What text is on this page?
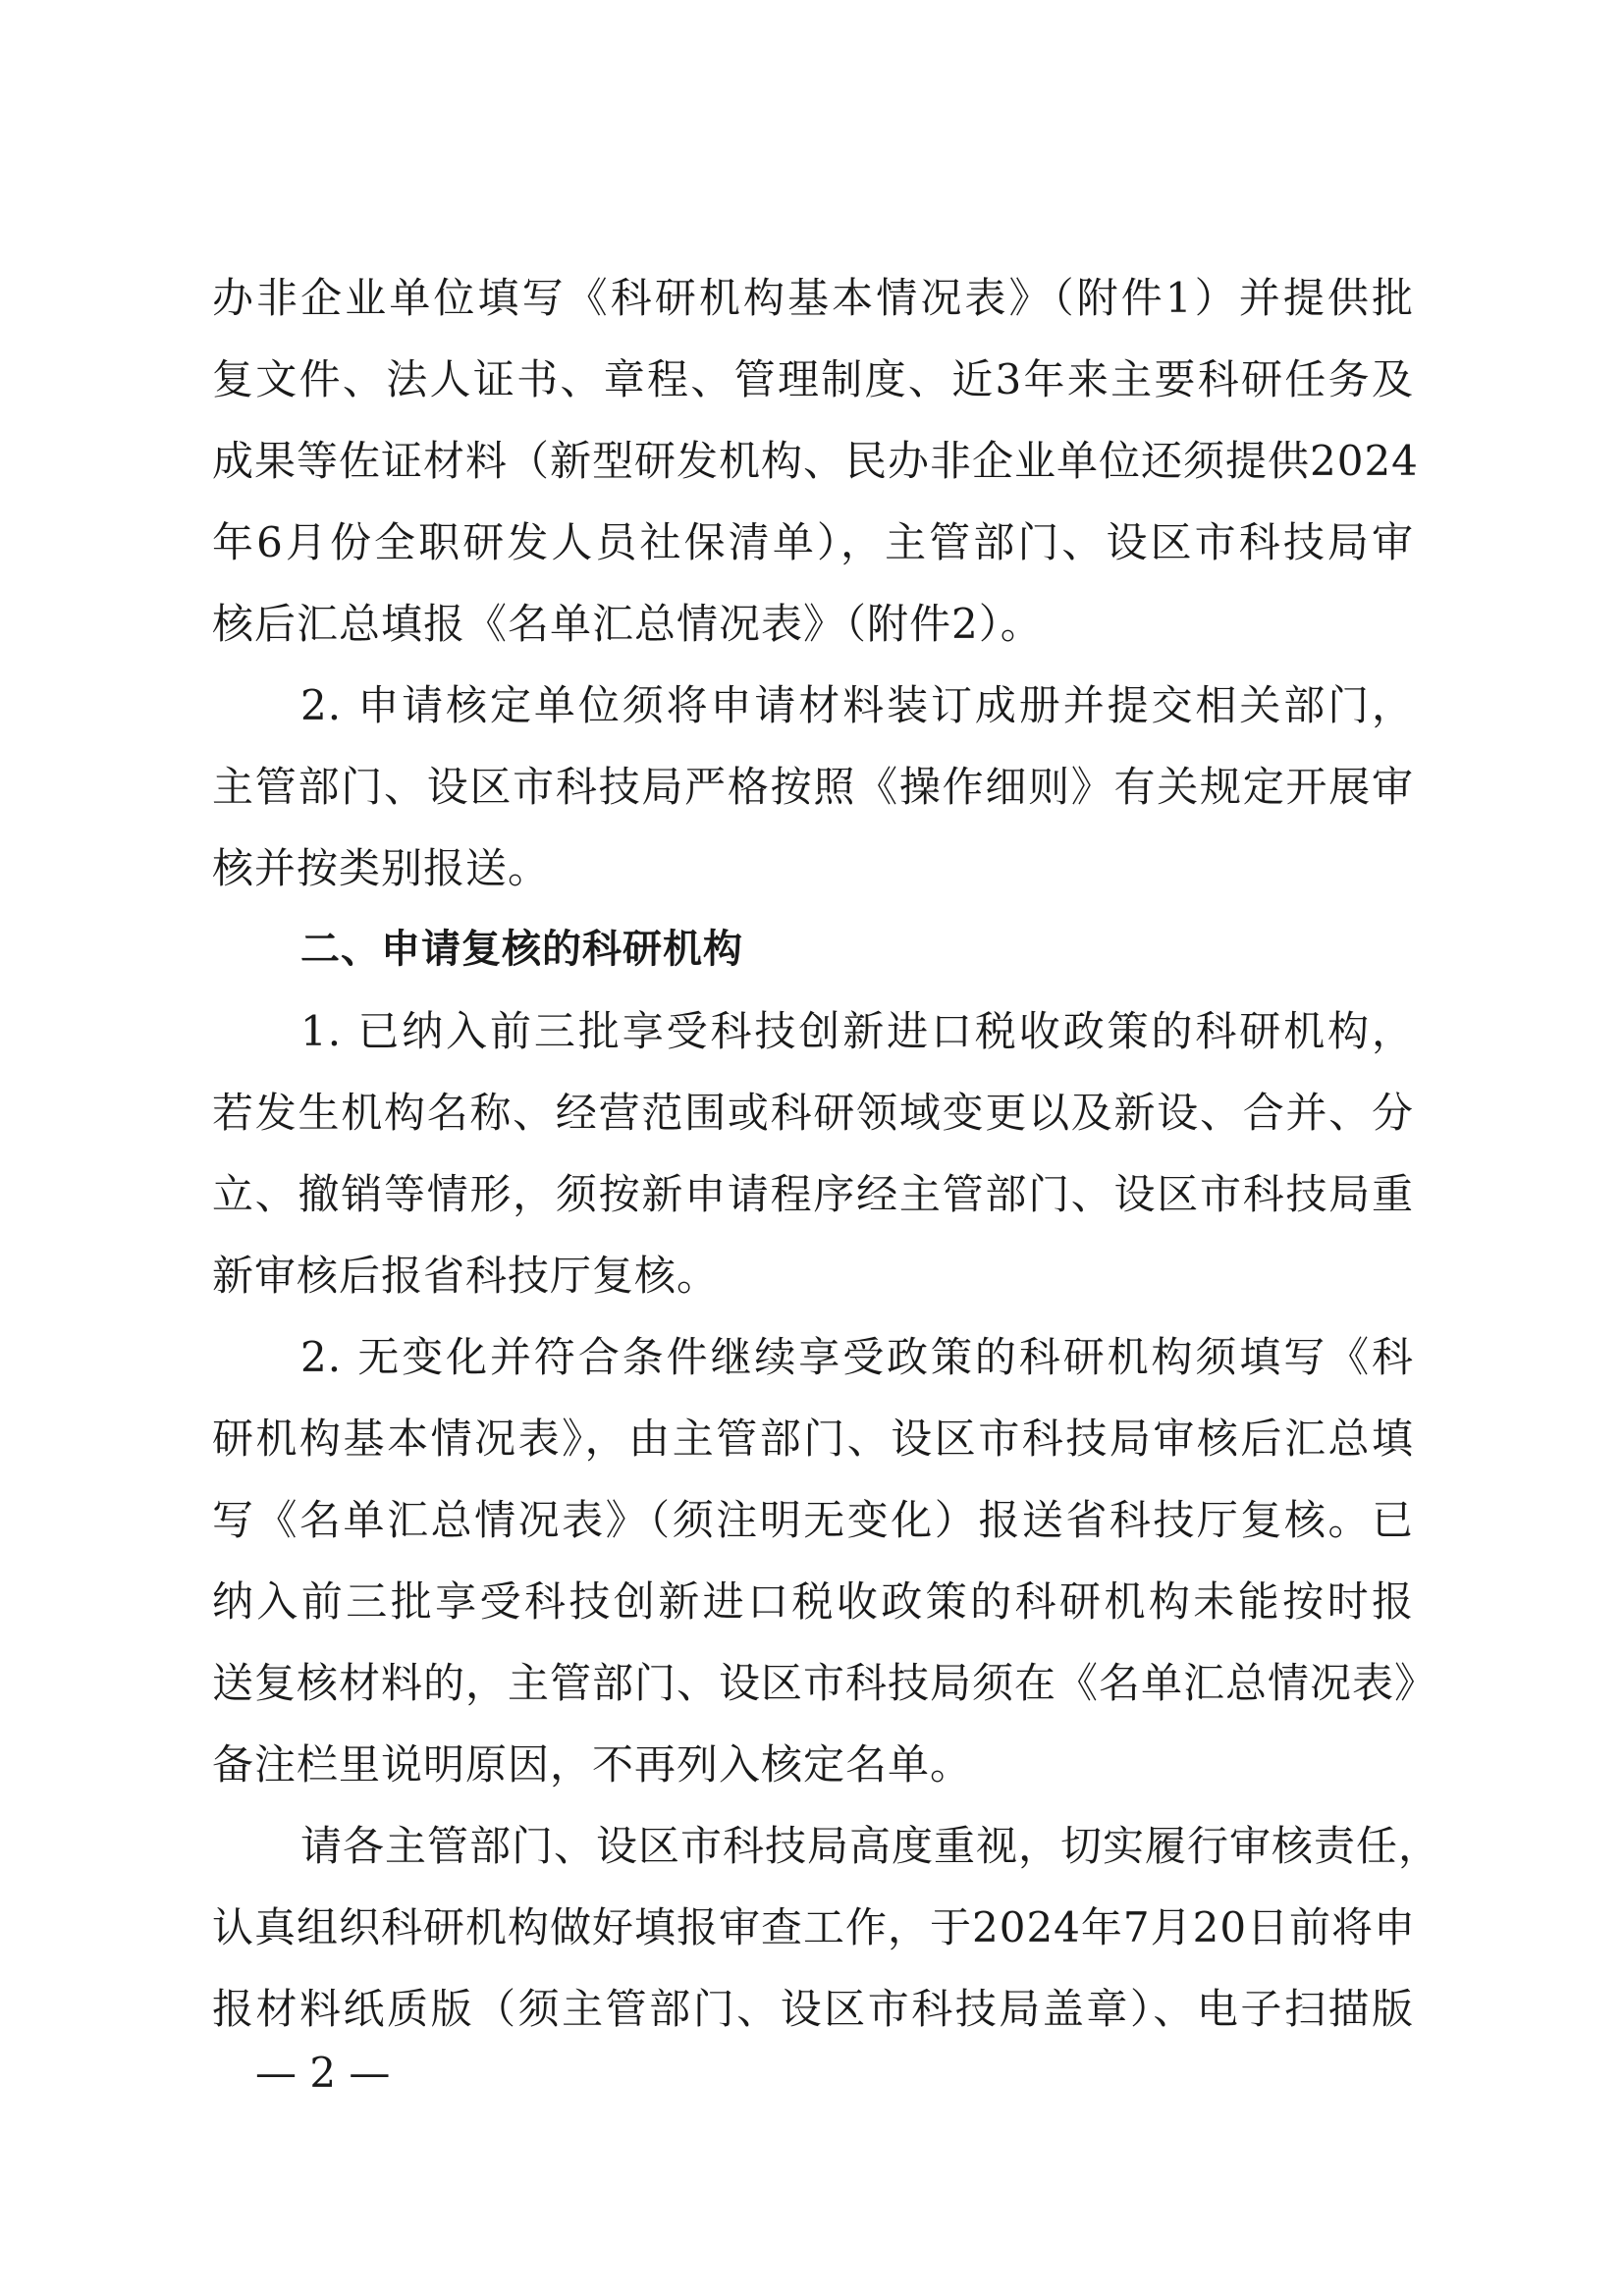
办非企业单位填写《科研机构基本情况表》（附件1）并提供批
复文件、法人证书、章程、管理制度、近3年来主要科研任务及
成果等佐证材料（新型研发机构、民办非企业单位还须提供2024
年6月份全职研发人员社保清单），主管部门、设区市科技局审
核后汇总填报《名单汇总情况表》（附件2）。
2. 申请核定单位须将申请材料装订成册并提交相关部门，
主管部门、设区市科技局严格按照《操作细则》有关规定开展审
核并按类别报送。
二、申请复核的科研机构
1. 已纳入前三批享受科技创新进口税收政策的科研机构，
若发生机构名称、经营范围或科研领域变更以及新设、合并、分
立、撤销等情形，须按新申请程序经主管部门、设区市科技局重
新审核后报省科技厅复核。
2. 无变化并符合条件继续享受政策的科研机构须填写《科
研机构基本情况表》，由主管部门、设区市科技局审核后汇总填
写《名单汇总情况表》（须注明无变化）报送省科技厅复核。已
纳入前三批享受科技创新进口税收政策的科研机构未能按时报
送复核材料的，主管部门、设区市科技局须在《名单汇总情况表》
备注栏里说明原因，不再列入核定名单。
请各主管部门、设区市科技局高度重视，切实履行审核责任，
认真组织科研机构做好填报审查工作，于2024年7月20日前将申
报材料纸质版（须主管部门、设区市科技局盖章）、电子扫描版
— 2 —
